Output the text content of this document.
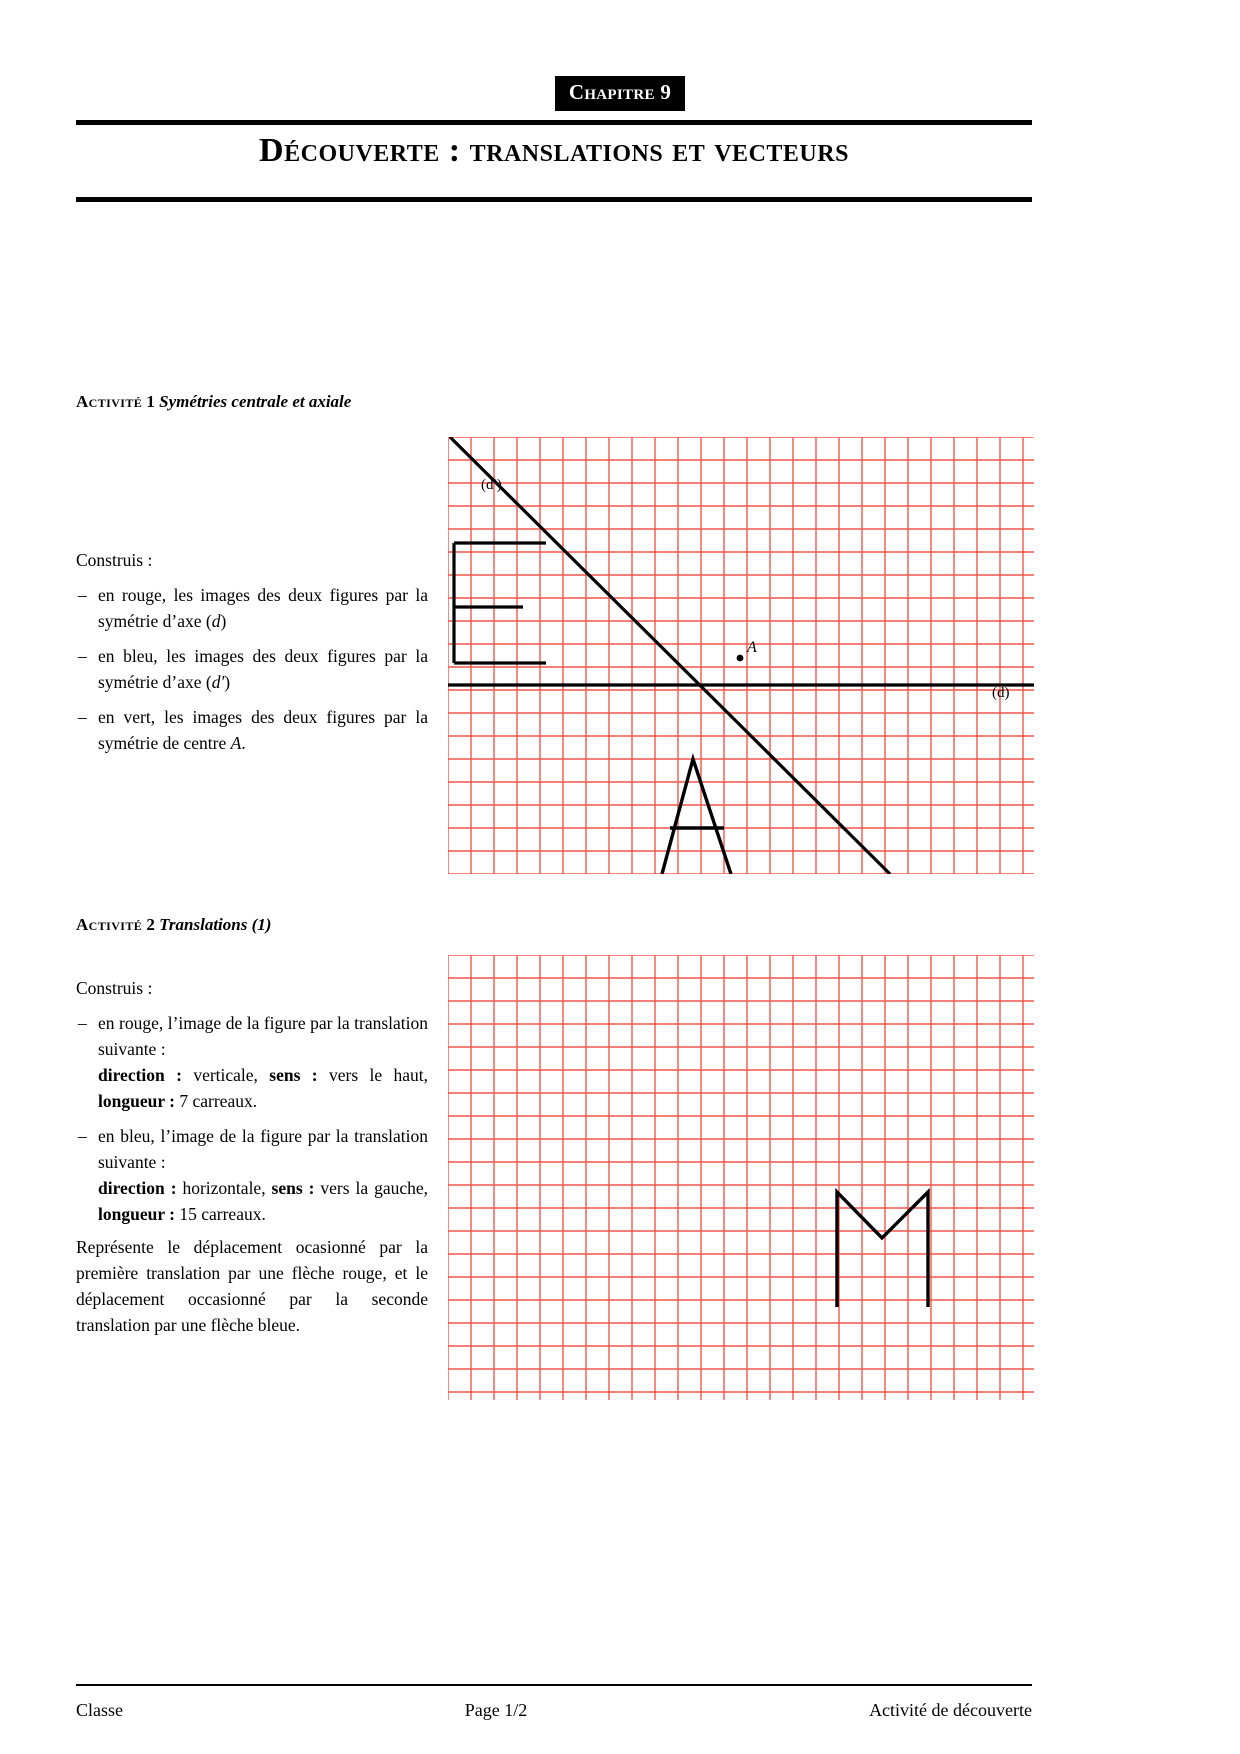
Chapitre 9
Découverte : translations et vecteurs
Activité 1 Symétries centrale et axiale

Construis :

– en rouge, les images des deux figures par la symétrie d’axe (d)
– en bleu, les images des deux figures par la symétrie d’axe (d′)
– en vert, les images des deux figures par la symétrie de centre A.
A
(d′)
(d)
Activité 2 Translations (1)

Construis :

– en rouge, l’image de la figure par la translation suivante :
direction : verticale, sens : vers le haut, longueur : 7 carreaux.
– en bleu, l’image de la figure par la translation suivante :
direction : horizontale, sens : vers la gauche, longueur : 15 carreaux.

Représente le déplacement ocasionné par la première translation par une flèche rouge, et le déplacement occasionné par la seconde translation par une flèche bleue.

Classe	Page 1/2	Activité de découverte
